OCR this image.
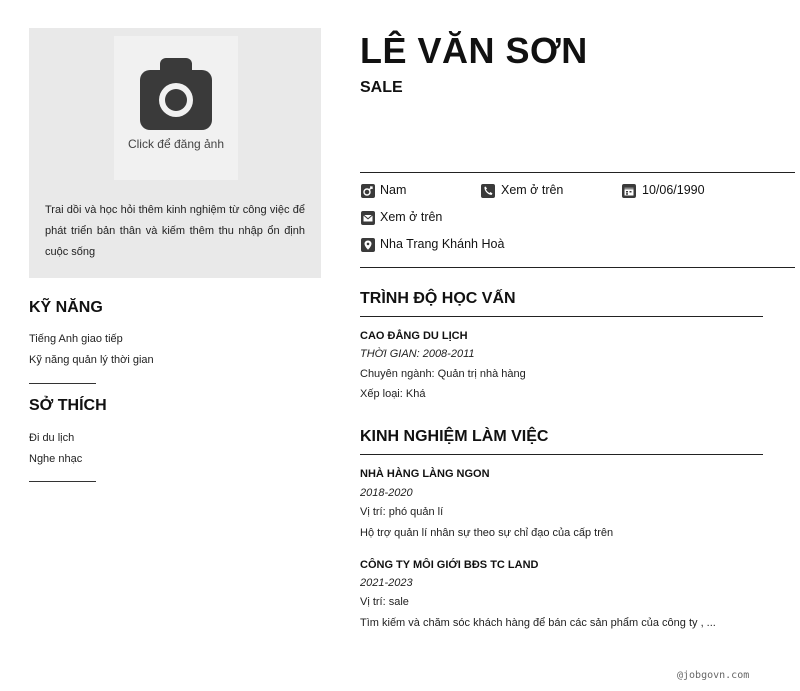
Click để đăng ảnh
Trai dồi và học hỏi thêm kinh nghiệm từ công việc để phát triển bản thân và kiếm thêm thu nhập ổn định cuộc sống
KỸ NĂNG
Tiếng Anh giao tiếp
Kỹ năng quản lý thời gian
SỞ THÍCH
Đi du lịch
Nghe nhạc
LÊ VĂN SƠN
SALE
Nam	Xem ở trên	10/06/1990
Xem ở trên
Nha Trang Khánh Hoà
TRÌNH ĐỘ HỌC VẤN
CAO ĐẲNG DU LỊCH
THỜI GIAN: 2008-2011
Chuyên ngành: Quản trị nhà hàng
Xếp loại: Khá
KINH NGHIỆM LÀM VIỆC
NHÀ HÀNG LÀNG NGON
2018-2020
Vị trí: phó quản lí
Hộ trợ quản lí nhân sự theo sự chỉ đạo của cấp trên
CÔNG TY MÔI GIỚI BĐS TC LAND
2021-2023
Vị trí: sale
Tìm kiếm và chăm sóc khách hàng để bán các sản phẩm của công ty , ...
@jobgovn.com
